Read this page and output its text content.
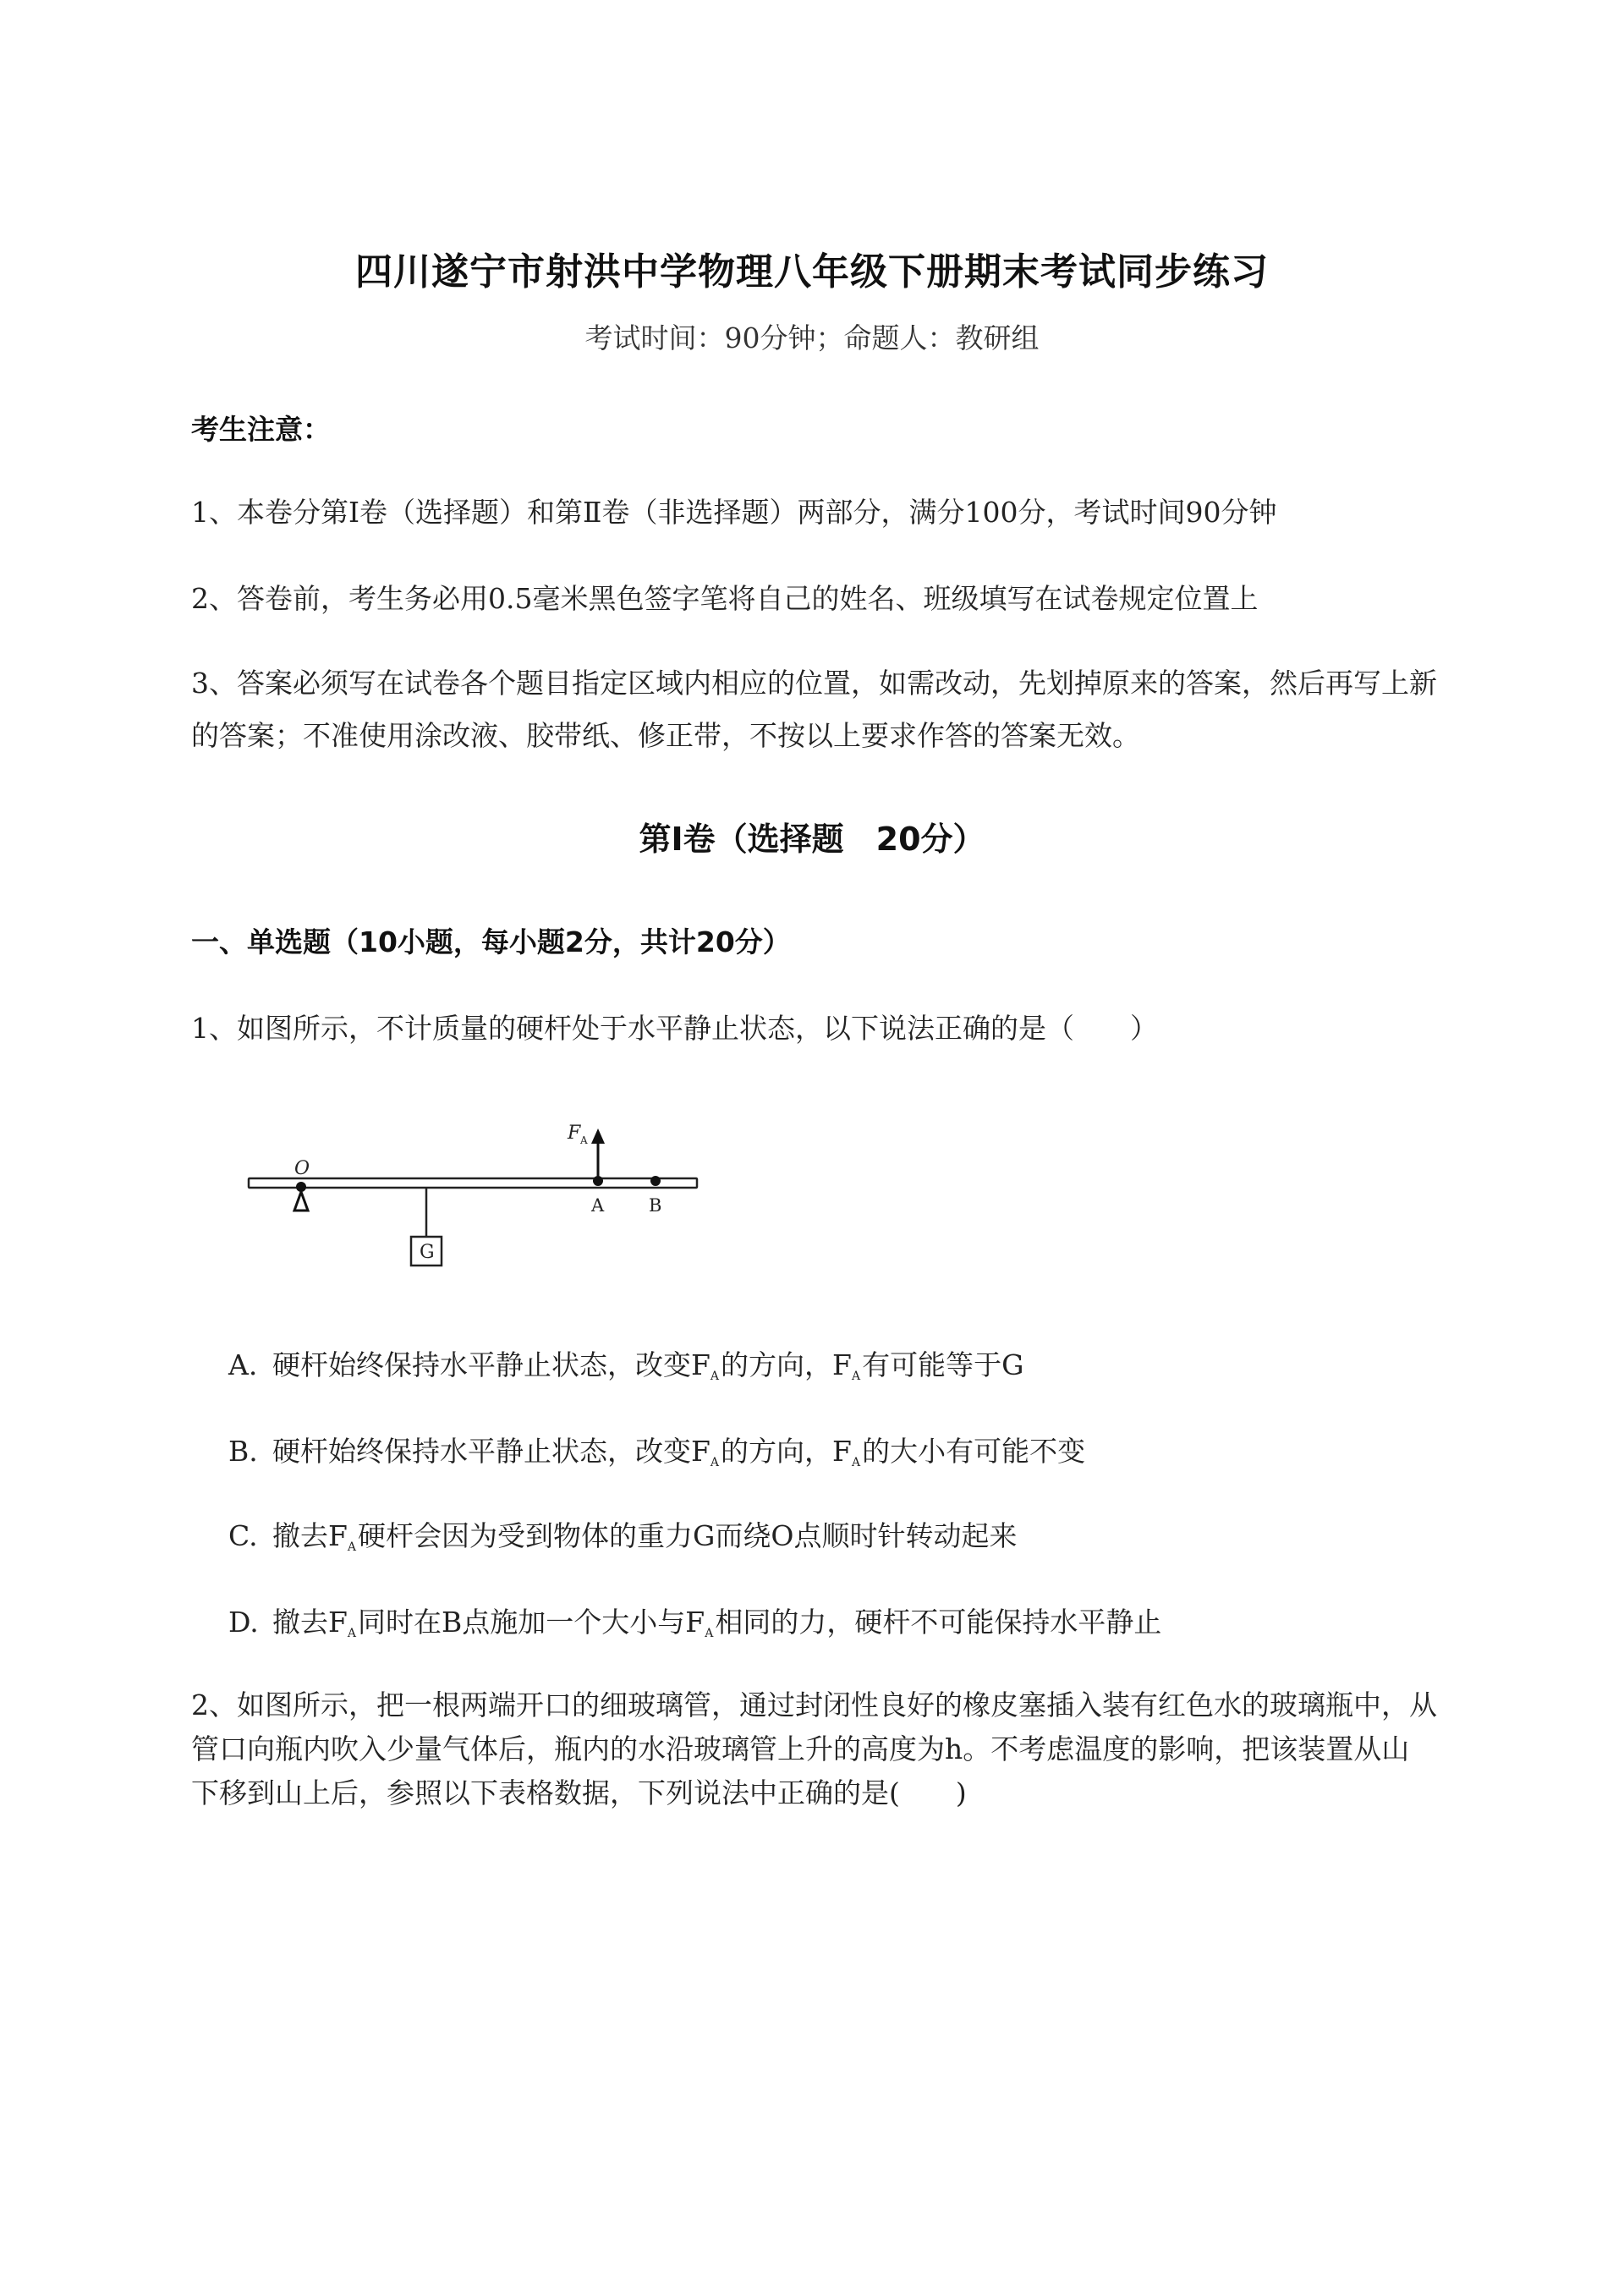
四川遂宁市射洪中学物理八年级下册期末考试同步练习
考试时间：90分钟；命题人：教研组
考生注意：
1、本卷分第Ⅰ卷（选择题）和第Ⅱ卷（非选择题）两部分，满分100分，考试时间90分钟
2、答卷前，考生务必用0.5毫米黑色签字笔将自己的姓名、班级填写在试卷规定位置上
3、答案必须写在试卷各个题目指定区域内相应的位置，如需改动，先划掉原来的答案，然后再写上新
的答案；不准使用涂改液、胶带纸、修正带，不按以上要求作答的答案无效。
第Ⅰ卷（选择题　20分）
一、单选题（10小题，每小题2分，共计20分）
1、如图所示，不计质量的硬杆处于水平静止状态，以下说法正确的是（　　）
O
G
F A
A	B
A. 硬杆始终保持水平静止状态，改变$F_A$的方向，$F_A$有可能等于G
B. 硬杆始终保持水平静止状态，改变$F_A$的方向，$F_A$的大小有可能不变
C. 撤去$F_A$硬杆会因为受到物体的重力G而绕O点顺时针转动起来
D. 撤去$F_A$同时在B点施加一个大小与$F_A$相同的力，硬杆不可能保持水平静止
2、如图所示，把一根两端开口的细玻璃管，通过封闭性良好的橡皮塞插入装有红色水的玻璃瓶中，从
管口向瓶内吹入少量气体后，瓶内的水沿玻璃管上升的高度为h。不考虑温度的影响，把该装置从山
下移到山上后，参照以下表格数据，下列说法中正确的是(　　)
